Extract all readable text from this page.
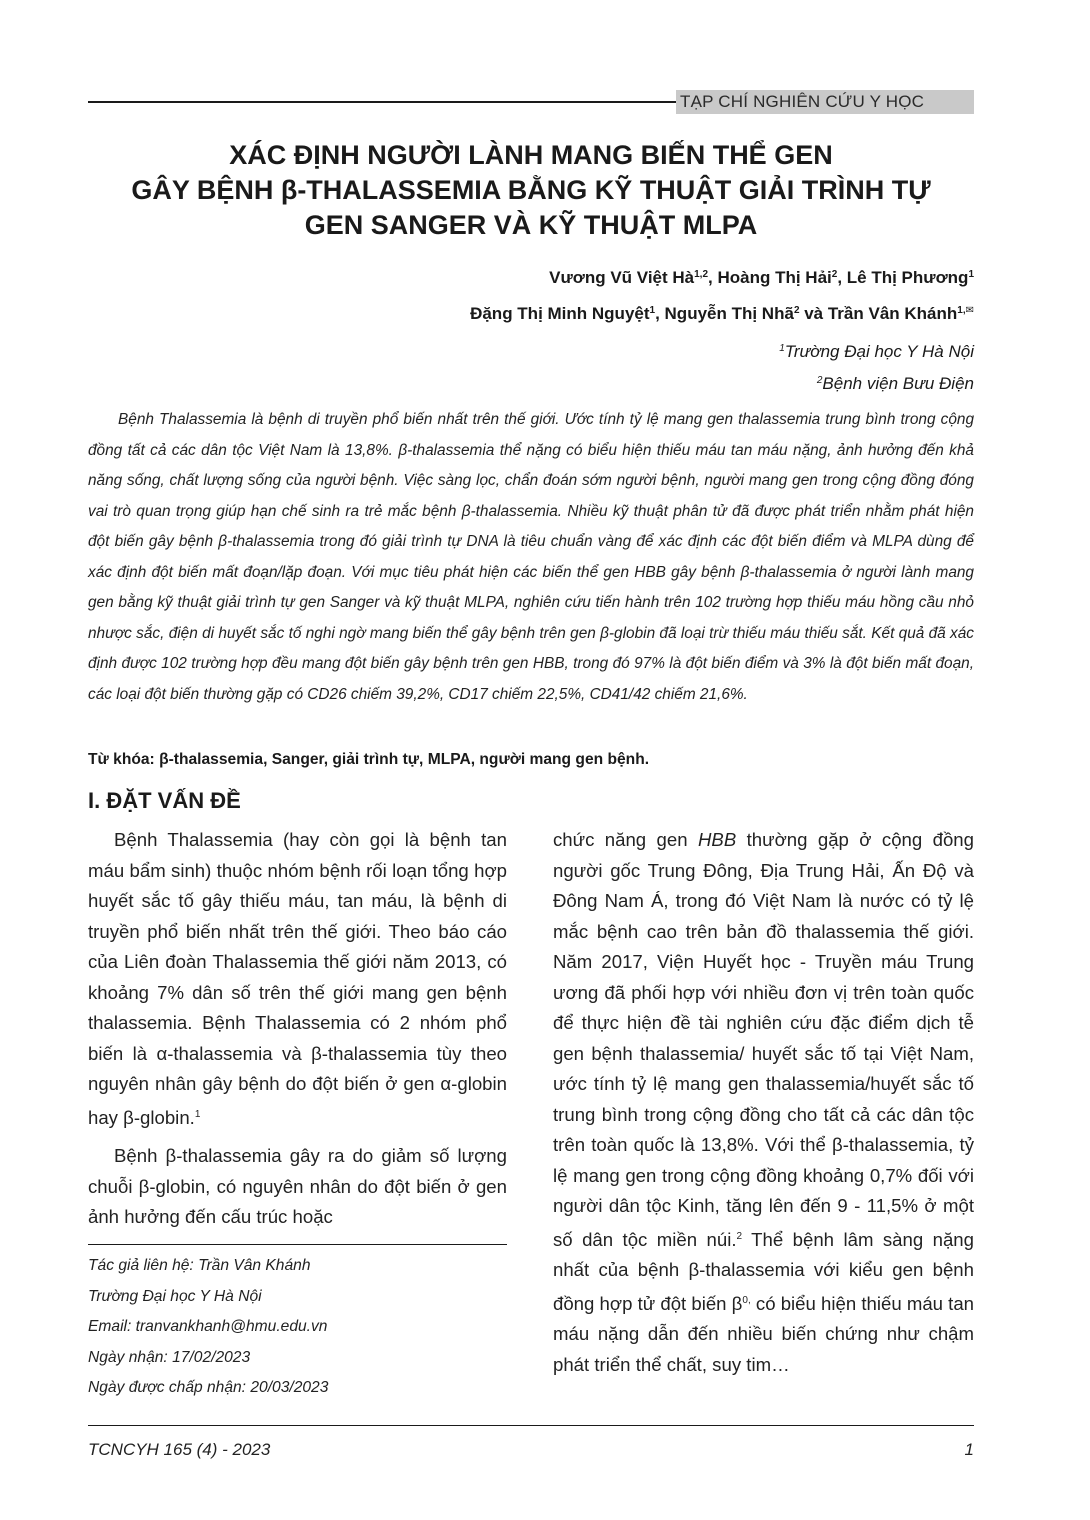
TẠP CHÍ NGHIÊN CỨU Y HỌC
XÁC ĐỊNH NGƯỜI LÀNH MANG BIẾN THỂ GEN
GÂY BỆNH β-THALASSEMIA BẰNG KỸ THUẬT GIẢI TRÌNH TỰ
GEN SANGER VÀ KỸ THUẬT MLPA
Vương Vũ Việt Hà$^{1,2}$, Hoàng Thị Hải$^2$, Lê Thị Phương$^1$
Đặng Thị Minh Nguyệt$^1$, Nguyễn Thị Nhã$^2$ và Trần Vân Khánh$^{1,✉}$
$^1$Trường Đại học Y Hà Nội
$^2$Bệnh viện Bưu Điện

Bệnh Thalassemia là bệnh di truyền phổ biến nhất trên thế giới. Ước tính tỷ lệ mang gen thalassemia trung bình trong cộng đồng tất cả các dân tộc Việt Nam là 13,8%. β-thalassemia thể nặng có biểu hiện thiếu máu tan máu nặng, ảnh hưởng đến khả năng sống, chất lượng sống của người bệnh. Việc sàng lọc, chẩn đoán sớm người bệnh, người mang gen trong cộng đồng đóng vai trò quan trọng giúp hạn chế sinh ra trẻ mắc bệnh β-thalassemia. Nhiều kỹ thuật phân tử đã được phát triển nhằm phát hiện đột biến gây bệnh β-thalassemia trong đó giải trình tự DNA là tiêu chuẩn vàng để xác định các đột biến điểm và MLPA dùng để xác định đột biến mất đoạn/lặp đoạn. Với mục tiêu phát hiện các biến thể gen HBB gây bệnh β-thalassemia ở người lành mang gen bằng kỹ thuật giải trình tự gen Sanger và kỹ thuật MLPA, nghiên cứu tiến hành trên 102 trường hợp thiếu máu hồng cầu nhỏ nhược sắc, điện di huyết sắc tố nghi ngờ mang biến thể gây bệnh trên gen β-globin đã loại trừ thiếu máu thiếu sắt. Kết quả đã xác định được 102 trường hợp đều mang đột biến gây bệnh trên gen HBB, trong đó 97% là đột biến điểm và 3% là đột biến mất đoạn, các loại đột biến thường gặp có CD26 chiếm 39,2%, CD17 chiếm 22,5%, CD41/42 chiếm 21,6%.

Từ khóa: β-thalassemia, Sanger, giải trình tự, MLPA, người mang gen bệnh.

I. ĐẶT VẤN ĐỀ

Bệnh Thalassemia (hay còn gọi là bệnh tan máu bẩm sinh) thuộc nhóm bệnh rối loạn tổng hợp huyết sắc tố gây thiếu máu, tan máu, là bệnh di truyền phổ biến nhất trên thế giới. Theo báo cáo của Liên đoàn Thalassemia thế giới năm 2013, có khoảng 7% dân số trên thế giới mang gen bệnh thalassemia. Bệnh Thalassemia có 2 nhóm phổ biến là α-thalassemia và β-thalassemia tùy theo nguyên nhân gây bệnh do đột biến ở gen α-globin hay β-globin.$^1$

Bệnh β-thalassemia gây ra do giảm số lượng chuỗi β-globin, có nguyên nhân do đột biến ở gen ảnh hưởng đến cấu trúc hoặc

chức năng gen HBB thường gặp ở cộng đồng người gốc Trung Đông, Địa Trung Hải, Ấn Độ và Đông Nam Á, trong đó Việt Nam là nước có tỷ lệ mắc bệnh cao trên bản đồ thalassemia thế giới. Năm 2017, Viện Huyết học - Truyền máu Trung ương đã phối hợp với nhiều đơn vị trên toàn quốc để thực hiện đề tài nghiên cứu đặc điểm dịch tễ gen bệnh thalassemia/ huyết sắc tố tại Việt Nam, ước tính tỷ lệ mang gen thalassemia/huyết sắc tố trung bình trong cộng đồng cho tất cả các dân tộc trên toàn quốc là 13,8%. Với thể β-thalassemia, tỷ lệ mang gen trong cộng đồng khoảng 0,7% đối với người dân tộc Kinh, tăng lên đến 9 - 11,5% ở một số dân tộc miền núi.$^2$ Thể bệnh lâm sàng nặng nhất của bệnh β-thalassemia với kiểu gen bệnh đồng hợp tử đột biến $\beta^{0,}$ có biểu hiện thiếu máu tan máu nặng dẫn đến nhiều biến chứng như chậm phát triển thể chất, suy tim…

Tác giả liên hệ: Trần Vân Khánh
Trường Đại học Y Hà Nội
Email: tranvankhanh@hmu.edu.vn
Ngày nhận: 17/02/2023
Ngày được chấp nhận: 20/03/2023
TCNCYH 165 (4) - 2023	1
